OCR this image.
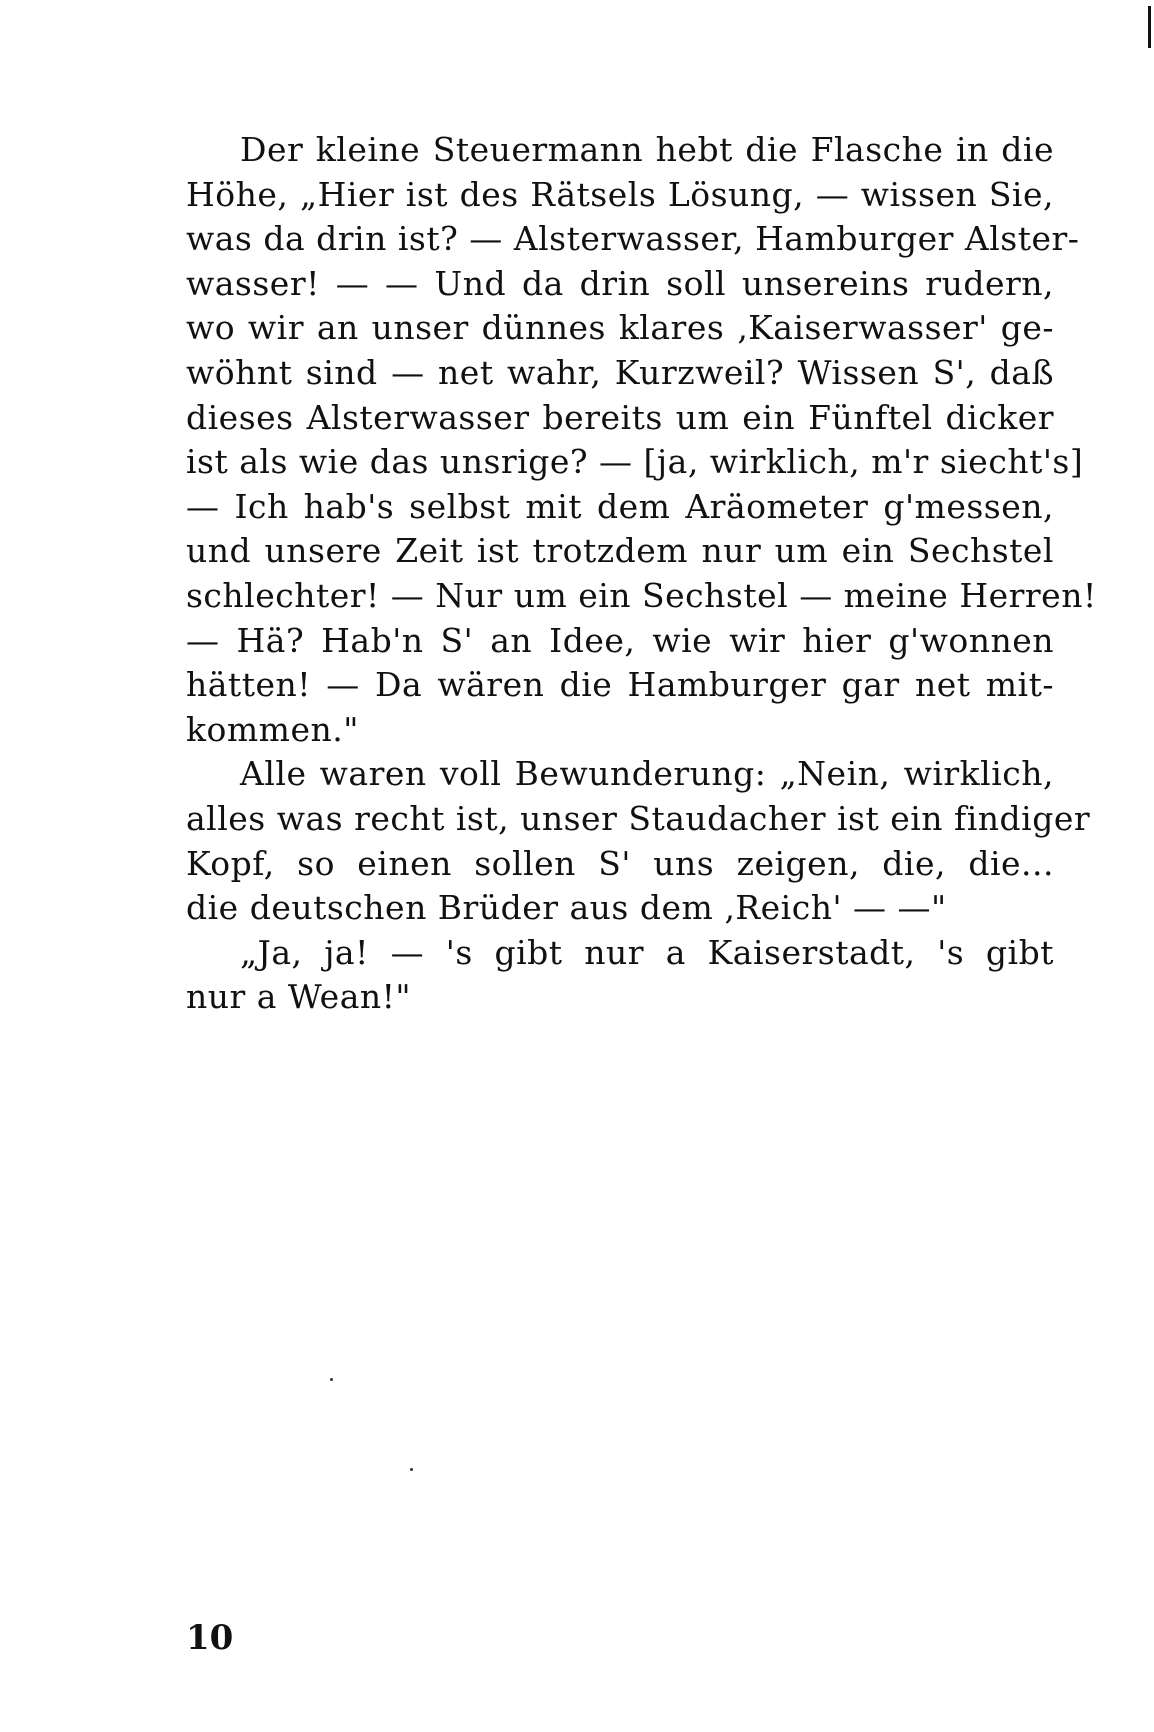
Der kleine Steuermann hebt die Flasche in die
Höhe, „Hier ist des Rätsels Lösung, — wissen Sie,
was da drin ist? — Alsterwasser, Hamburger Alster-
wasser! — — Und da drin soll unsereins rudern,
wo wir an unser dünnes klares ‚Kaiserwasser' ge-
wöhnt sind — net wahr, Kurzweil? Wissen S', daß
dieses Alsterwasser bereits um ein Fünftel dicker
ist als wie das unsrige? — [ja, wirklich, m'r siecht's]
— Ich hab's selbst mit dem Aräometer g'messen,
und unsere Zeit ist trotzdem nur um ein Sechstel
schlechter! — Nur um ein Sechstel — meine Herren!
— Hä? Hab'n S' an Idee, wie wir hier g'wonnen
hätten! — Da wären die Hamburger gar net mit-
kommen."
Alle waren voll Bewunderung: „Nein, wirklich,
alles was recht ist, unser Staudacher ist ein findiger
Kopf, so einen sollen S' uns zeigen, die, die...
die deutschen Brüder aus dem ‚Reich' — —"
„Ja, ja! — 's gibt nur a Kaiserstadt, 's gibt
nur a Wean!"
10
